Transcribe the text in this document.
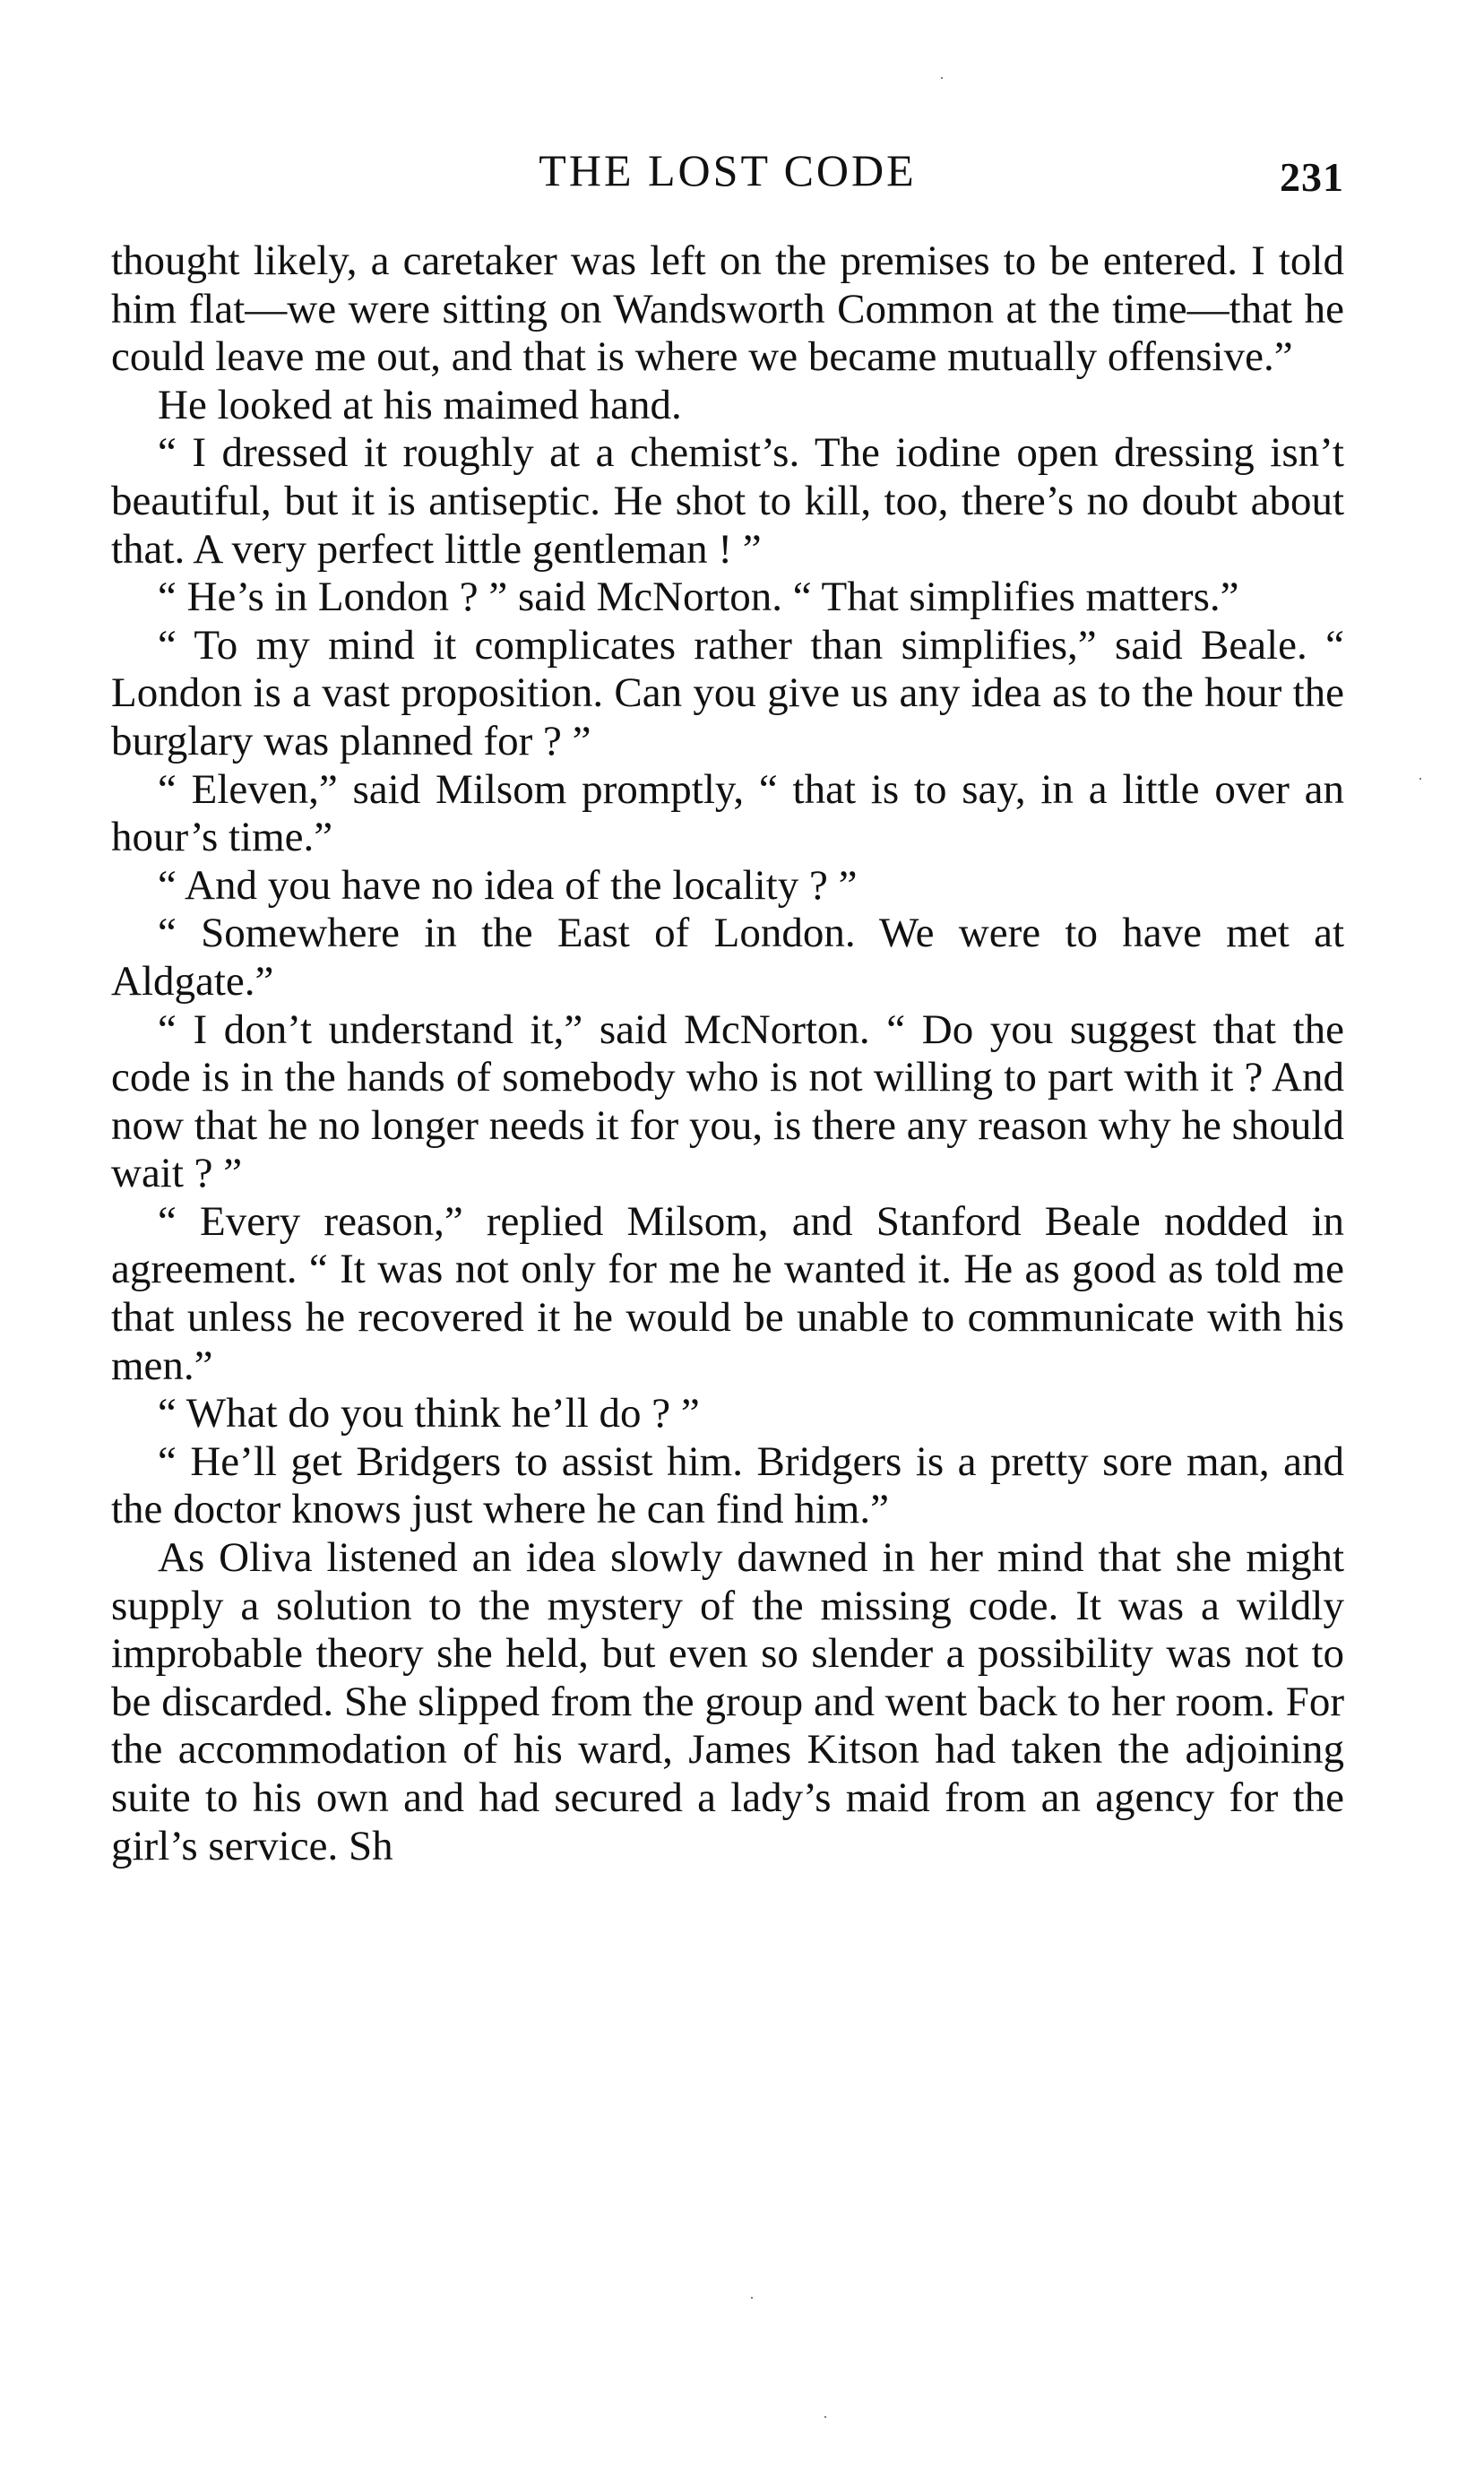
THE LOST CODE	231

thought likely, a caretaker was left on the premises to be entered. I told him flat—we were sitting on Wandsworth Common at the time—that he could leave me out, and that is where we became mutually offensive.”

He looked at his maimed hand.

“ I dressed it roughly at a chemist’s. The iodine open dressing isn’t beautiful, but it is antiseptic. He shot to kill, too, there’s no doubt about that. A very perfect little gentleman ! ”

“ He’s in London ? ” said McNorton. “ That simplifies matters.”

“ To my mind it complicates rather than simplifies,” said Beale. “ London is a vast proposition. Can you give us any idea as to the hour the burglary was planned for ? ”

“ Eleven,” said Milsom promptly, “ that is to say, in a little over an hour’s time.”

“ And you have no idea of the locality ? ”

“ Somewhere in the East of London. We were to have met at Aldgate.”

“ I don’t understand it,” said McNorton. “ Do you suggest that the code is in the hands of somebody who is not willing to part with it ? And now that he no longer needs it for you, is there any reason why he should wait ? ”

“ Every reason,” replied Milsom, and Stanford Beale nodded in agreement. “ It was not only for me he wanted it. He as good as told me that unless he recovered it he would be unable to communicate with his men.”

“ What do you think he’ll do ? ”

“ He’ll get Bridgers to assist him. Bridgers is a pretty sore man, and the doctor knows just where he can find him.”

As Oliva listened an idea slowly dawned in her mind that she might supply a solution to the mystery of the missing code. It was a wildly improbable theory she held, but even so slender a possibility was not to be discarded. She slipped from the group and went back to her room. For the accommodation of his ward, James Kitson had taken the adjoining suite to his own and had secured a lady’s maid from an agency for the girl’s service. Sh

·
·
·
·
